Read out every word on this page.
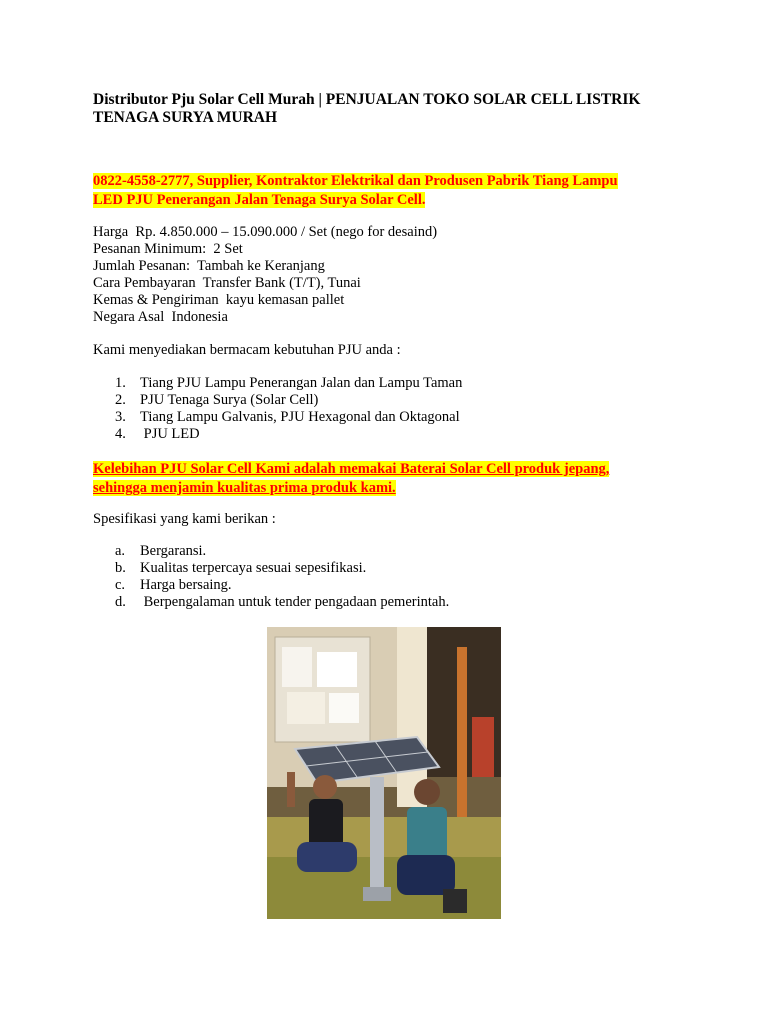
Distributor Pju Solar Cell Murah | PENJUALAN TOKO SOLAR CELL LISTRIK TENAGA SURYA MURAH
0822-4558-2777, Supplier, Kontraktor Elektrikal dan Produsen Pabrik Tiang Lampu
LED PJU Penerangan Jalan Tenaga Surya Solar Cell.
Harga  Rp. 4.850.000 – 15.090.000 / Set (nego for desaind)
Pesanan Minimum:  2 Set
Jumlah Pesanan:  Tambah ke Keranjang
Cara Pembayaran  Transfer Bank (T/T), Tunai
Kemas & Pengiriman  kayu kemasan pallet
Negara Asal  Indonesia
Kami menyediakan bermacam kebutuhan PJU anda :
1. Tiang PJU Lampu Penerangan Jalan dan Lampu Taman
2. PJU Tenaga Surya (Solar Cell)
3. Tiang Lampu Galvanis, PJU Hexagonal dan Oktagonal
4. PJU LED
Kelebihan PJU Solar Cell Kami adalah memakai Baterai Solar Cell produk jepang,
sehingga menjamin kualitas prima produk kami.
Spesifikasi yang kami berikan :
a.	Bergaransi.
b. Kualitas terpercaya sesuai sepesifikasi.
c.	Harga bersaing.
d. Berpengalaman untuk tender pengadaan pemerintah.
